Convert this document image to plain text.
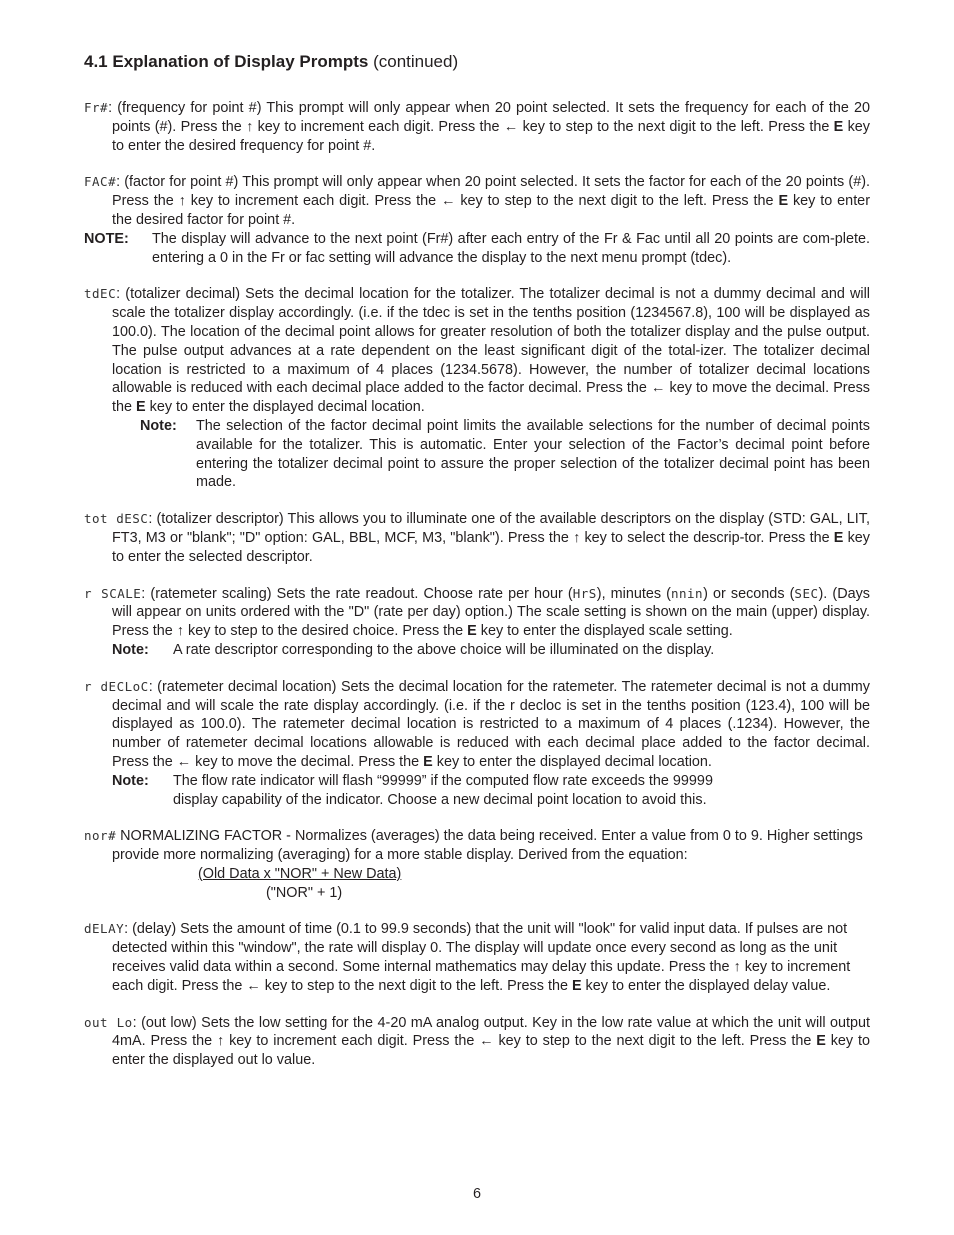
4.1 Explanation of Display Prompts (continued)

Fr#: (frequency for point #) This prompt will only appear when 20 point selected. It sets the frequency for each of the 20 points (#). Press the ↑ key to increment each digit. Press the ← key to step to the next digit to the left. Press the E key to enter the desired frequency for point #.

FAC#: (factor for point #) This prompt will only appear when 20 point selected. It sets the factor for each of the 20 points (#). Press the ↑ key to increment each digit. Press the ← key to step to the next digit to the left. Press the E key to enter the desired factor for point #.

NOTE: The display will advance to the next point (Fr#) after each entry of the Fr & Fac until all 20 points are com-plete. entering a 0 in the Fr or fac setting will advance the display to the next menu prompt (tdec).

tdEC: (totalizer decimal) Sets the decimal location for the totalizer. The totalizer decimal is not a dummy decimal and will scale the totalizer display accordingly. (i.e. if the tdec is set in the tenths position (1234567.8), 100 will be displayed as 100.0). The location of the decimal point allows for greater resolution of both the totalizer display and the pulse output. The pulse output advances at a rate dependent on the least significant digit of the total-izer. The totalizer decimal location is restricted to a maximum of 4 places (1234.5678). However, the number of totalizer decimal locations allowable is reduced with each decimal place added to the factor decimal. Press the ← key to move the decimal. Press the E key to enter the displayed decimal location.

Note: The selection of the factor decimal point limits the available selections for the number of decimal points available for the totalizer. This is automatic. Enter your selection of the Factor’s decimal point before entering the totalizer decimal point to assure the proper selection of the totalizer decimal point has been made.

tot dESC: (totalizer descriptor) This allows you to illuminate one of the available descriptors on the display (STD: GAL, LIT, FT3, M3 or "blank"; "D" option: GAL, BBL, MCF, M3, "blank"). Press the ↑ key to select the descrip-tor. Press the E key to enter the selected descriptor.

r SCALE: (ratemeter scaling) Sets the rate readout. Choose rate per hour (HrS), minutes (nnin) or seconds (SEC). (Days will appear on units ordered with the "D" (rate per day) option.) The scale setting is shown on the main (upper) display. Press the ↑ key to step to the desired choice. Press the E key to enter the displayed scale setting.

Note: A rate descriptor corresponding to the above choice will be illuminated on the display.

r dECLoC: (ratemeter decimal location) Sets the decimal location for the ratemeter. The ratemeter decimal is not a dummy decimal and will scale the rate display accordingly. (i.e. if the r decloc is set in the tenths position (123.4), 100 will be displayed as 100.0). The ratemeter decimal location is restricted to a maximum of 4 places (.1234). However, the number of ratemeter decimal locations allowable is reduced with each decimal place added to the factor decimal. Press the ← key to move the decimal. Press the E key to enter the displayed decimal location.

Note: The flow rate indicator will flash “99999” if the computed flow rate exceeds the 99999
display capability of the indicator. Choose a new decimal point location to avoid this.

nor# NORMALIZING FACTOR - Normalizes (averages) the data being received. Enter a value from 0 to 9. Higher settings provide more normalizing (averaging) for a more stable display. Derived from the equation:

(Old Data x "NOR" + New Data)
("NOR" + 1)

dELAY: (delay) Sets the amount of time (0.1 to 99.9 seconds) that the unit will "look" for valid input data. If pulses are not detected within this "window", the rate will display 0. The display will update once every second as long as the unit receives valid data within a second. Some internal mathematics may delay this update. Press the ↑ key to increment each digit. Press the ← key to step to the next digit to the left. Press the E key to enter the displayed delay value.

out Lo: (out low) Sets the low setting for the 4-20 mA analog output. Key in the low rate value at which the unit will output 4mA. Press the ↑ key to increment each digit. Press the ← key to step to the next digit to the left. Press the E key to enter the displayed out lo value.

6
